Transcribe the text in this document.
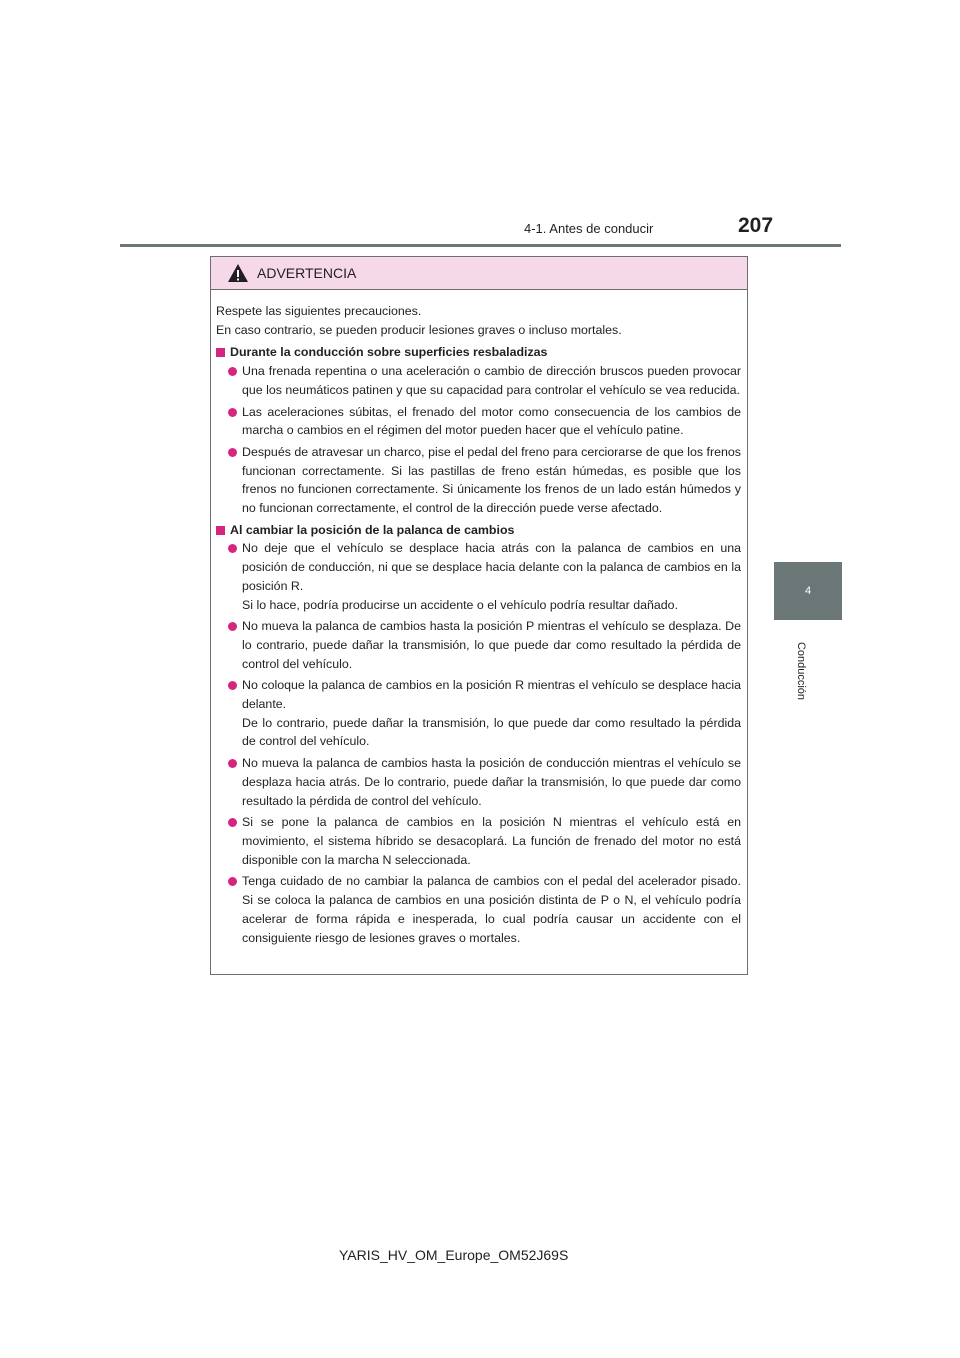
4-1. Antes de conducir	207
4
Conducción
ADVERTENCIA

Respete las siguientes precauciones.
En caso contrario, se pueden producir lesiones graves o incluso mortales.

Durante la conducción sobre superficies resbaladizas

Una frenada repentina o una aceleración o cambio de dirección bruscos pueden provocar que los neumáticos patinen y que su capacidad para controlar el vehículo se vea reducida.

Las aceleraciones súbitas, el frenado del motor como consecuencia de los cambios de marcha o cambios en el régimen del motor pueden hacer que el vehículo patine.

Después de atravesar un charco, pise el pedal del freno para cerciorarse de que los frenos funcionan correctamente. Si las pastillas de freno están húmedas, es posible que los frenos no funcionen correctamente. Si únicamente los frenos de un lado están húmedos y no funcionan correctamente, el control de la dirección puede verse afectado.

Al cambiar la posición de la palanca de cambios

No deje que el vehículo se desplace hacia atrás con la palanca de cambios en una posición de conducción, ni que se desplace hacia delante con la palanca de cambios en la posición R.
Si lo hace, podría producirse un accidente o el vehículo podría resultar dañado.

No mueva la palanca de cambios hasta la posición P mientras el vehículo se desplaza. De lo contrario, puede dañar la transmisión, lo que puede dar como resultado la pérdida de control del vehículo.

No coloque la palanca de cambios en la posición R mientras el vehículo se desplace hacia delante.
De lo contrario, puede dañar la transmisión, lo que puede dar como resultado la pérdida de control del vehículo.

No mueva la palanca de cambios hasta la posición de conducción mientras el vehículo se desplaza hacia atrás. De lo contrario, puede dañar la transmisión, lo que puede dar como resultado la pérdida de control del vehículo.

Si se pone la palanca de cambios en la posición N mientras el vehículo está en movimiento, el sistema híbrido se desacoplará. La función de frenado del motor no está disponible con la marcha N seleccionada.

Tenga cuidado de no cambiar la palanca de cambios con el pedal del acelerador pisado. Si se coloca la palanca de cambios en una posición distinta de P o N, el vehículo podría acelerar de forma rápida e inesperada, lo cual podría causar un accidente con el consiguiente riesgo de lesiones graves o mortales.

YARIS_HV_OM_Europe_OM52J69S
